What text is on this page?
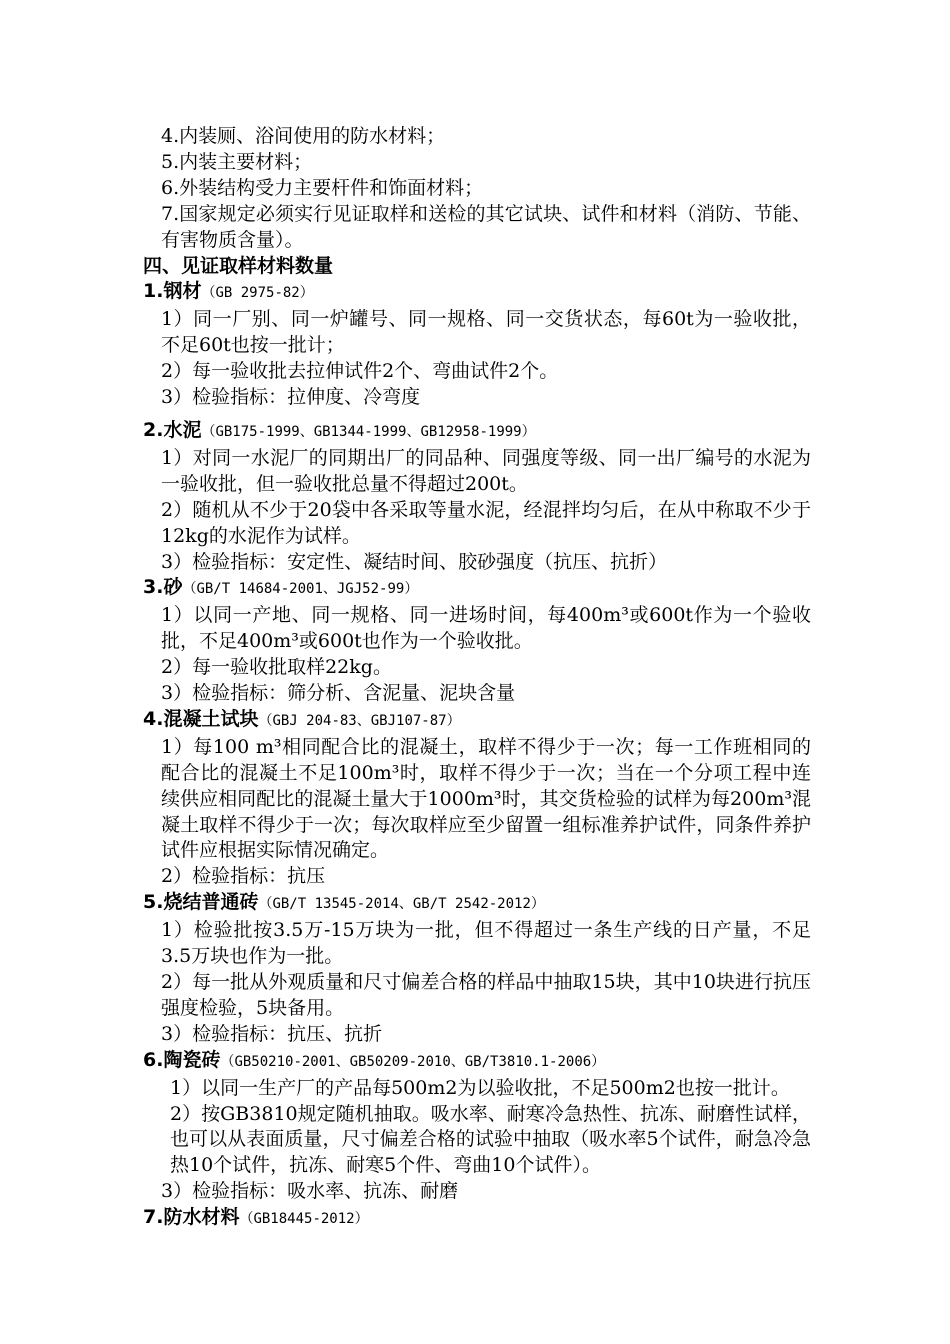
4.内装厕、浴间使用的防水材料；
5.内装主要材料；
6.外装结构受力主要杆件和饰面材料；
7.国家规定必须实行见证取样和送检的其它试块、试件和材料（消防、节能、有害物质含量）。
四、见证取样材料数量
1.钢材（GB 2975-82）
1）同一厂别、同一炉罐号、同一规格、同一交货状态，每60t为一验收批，不足60t也按一批计；
2）每一验收批去拉伸试件2个、弯曲试件2个。
3）检验指标：拉伸度、冷弯度
2.水泥（GB175-1999、GB1344-1999、GB12958-1999）
1）对同一水泥厂的同期出厂的同品种、同强度等级、同一出厂编号的水泥为一验收批，但一验收批总量不得超过200t。
2）随机从不少于20袋中各采取等量水泥，经混拌均匀后，在从中称取不少于12kg的水泥作为试样。
3）检验指标：安定性、凝结时间、胶砂强度（抗压、抗折）
3.砂（GB/T 14684-2001、JGJ52-99）
1）以同一产地、同一规格、同一进场时间，每400m³或600t作为一个验收批，不足400m³或600t也作为一个验收批。
2）每一验收批取样22kg。
3）检验指标：筛分析、含泥量、泥块含量
4.混凝土试块（GBJ 204-83、GBJ107-87）
1）每100 m³相同配合比的混凝土，取样不得少于一次；每一工作班相同的配合比的混凝土不足100m³时，取样不得少于一次；当在一个分项工程中连续供应相同配比的混凝土量大于1000m³时，其交货检验的试样为每200m³混凝土取样不得少于一次；每次取样应至少留置一组标准养护试件，同条件养护试件应根据实际情况确定。
2）检验指标：抗压
5.烧结普通砖（GB/T 13545-2014、GB/T 2542-2012）
1）检验批按3.5万-15万块为一批，但不得超过一条生产线的日产量，不足3.5万块也作为一批。
2）每一批从外观质量和尺寸偏差合格的样品中抽取15块，其中10块进行抗压强度检验，5块备用。
3）检验指标：抗压、抗折
6.陶瓷砖（GB50210-2001、GB50209-2010、GB/T3810.1-2006）
1）以同一生产厂的产品每500m2为以验收批，不足500m2也按一批计。
2）按GB3810规定随机抽取。吸水率、耐寒冷急热性、抗冻、耐磨性试样，也可以从表面质量，尺寸偏差合格的试验中抽取（吸水率5个试件，耐急冷急热10个试件，抗冻、耐寒5个件、弯曲10个试件）。
3）检验指标：吸水率、抗冻、耐磨
7.防水材料（GB18445-2012）
